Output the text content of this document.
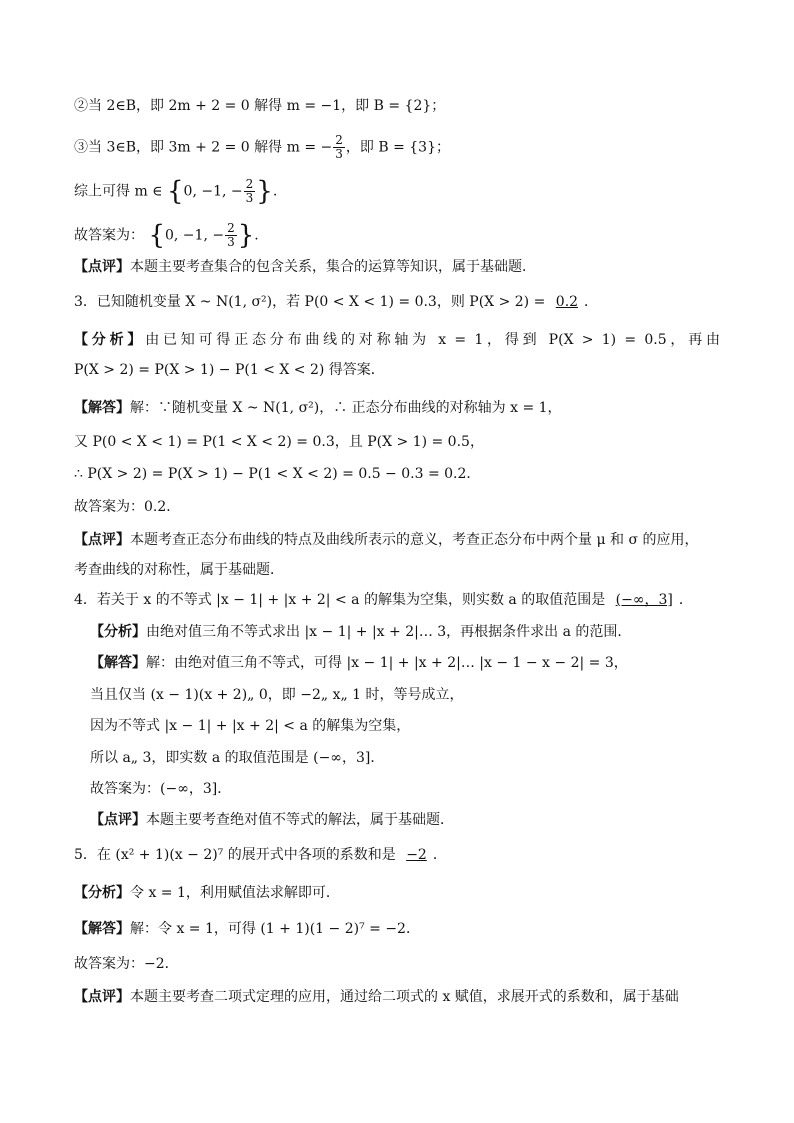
②当 2∈B，即 2m + 2 = 0 解得 m = −1，即 B = {2}；
③当 3∈B，即 3m + 2 = 0 解得 m = − $\frac{2}{3}$ ，即 B = {3}；
综上可得 m ∈ {0, −1, − $\frac{2}{3}$ }.
故答案为： {0, −1, − $\frac{2}{3}$ }.
【点评】本题主要考查集合的包含关系，集合的运算等知识，属于基础题．
3．已知随机变量 X ~ N(1, σ²)，若 P(0 < X < 1) = 0.3，则 P(X > 2) = 0.2 ．
【分析】由已知可得正态分布曲线的对称轴为 x = 1，得到 P(X > 1) = 0.5，再由
P(X > 2) = P(X > 1) − P(1 < X < 2) 得答案．
【解答】解：∵随机变量 X ~ N(1, σ²)，∴ 正态分布曲线的对称轴为 x = 1，
又 P(0 < X < 1) = P(1 < X < 2) = 0.3，且 P(X > 1) = 0.5，
∴ P(X > 2) = P(X > 1) − P(1 < X < 2) = 0.5 − 0.3 = 0.2．
故答案为：0.2．
【点评】本题考查正态分布曲线的特点及曲线所表示的意义，考查正态分布中两个量 μ 和 σ 的应用，
考查曲线的对称性，属于基础题．
4．若关于 x 的不等式 |x − 1| + |x + 2| < a 的解集为空集，则实数 a 的取值范围是 (−∞，3] ．
【分析】由绝对值三角不等式求出 |x − 1| + |x + 2|… 3，再根据条件求出 a 的范围．
【解答】解：由绝对值三角不等式，可得 |x − 1| + |x + 2|… |x − 1 − x − 2| = 3，
当且仅当 (x − 1)(x + 2)„ 0，即 −2„ x„ 1 时，等号成立，
因为不等式 |x − 1| + |x + 2| < a 的解集为空集，
所以 a„ 3，即实数 a 的取值范围是 (−∞，3]．
故答案为：(−∞，3]．
【点评】本题主要考查绝对值不等式的解法，属于基础题．
5．在 (x² + 1)(x − 2)⁷ 的展开式中各项的系数和是 −2 ．
【分析】令 x = 1，利用赋值法求解即可．
【解答】解：令 x = 1，可得 (1 + 1)(1 − 2)⁷ = −2．
故答案为：−2．
【点评】本题主要考查二项式定理的应用，通过给二项式的 x 赋值，求展开式的系数和，属于基础
